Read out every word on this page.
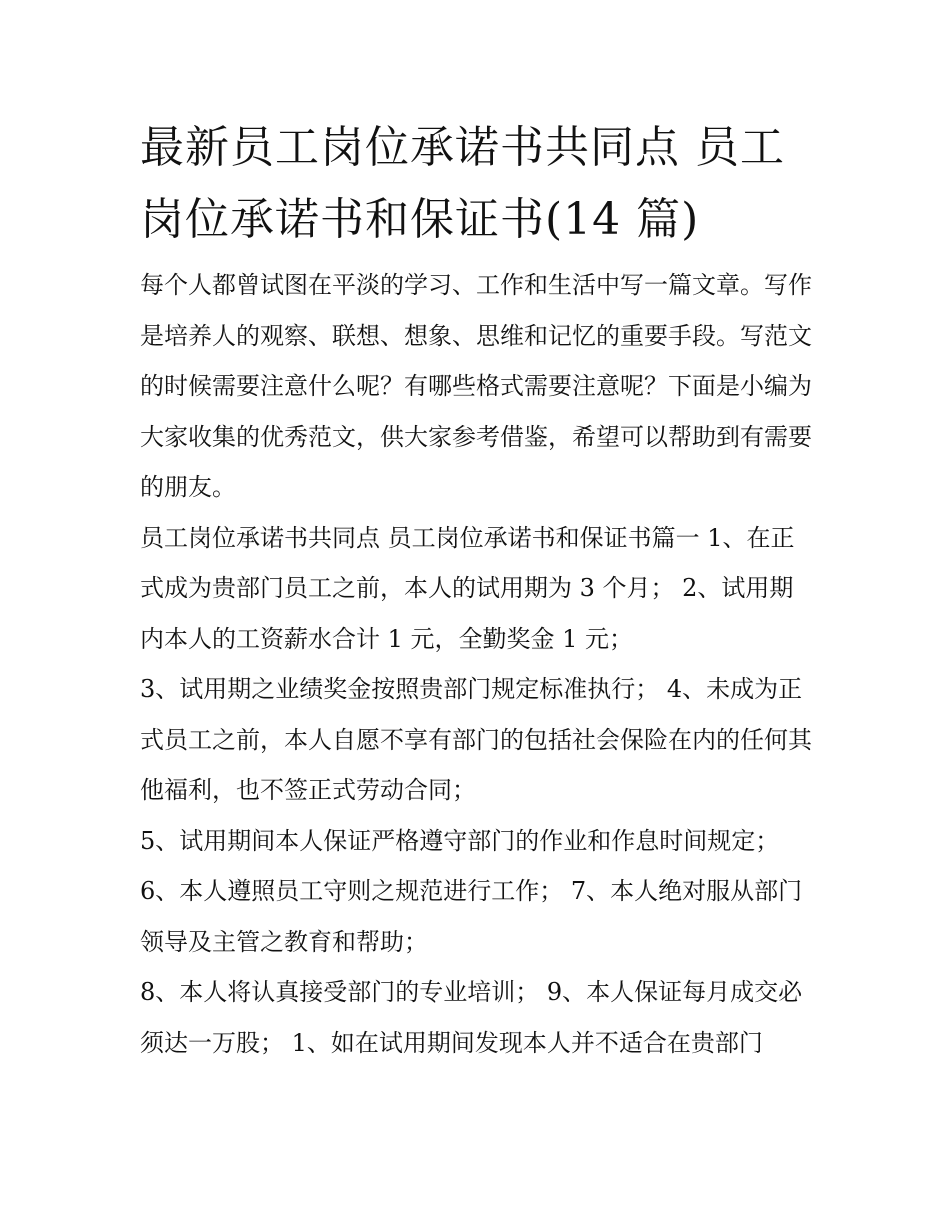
最新员工岗位承诺书共同点 员工岗位承诺书和保证书(14 篇)

每个人都曾试图在平淡的学习、工作和生活中写一篇文章。写作是培养人的观察、联想、想象、思维和记忆的重要手段。写范文的时候需要注意什么呢？有哪些格式需要注意呢？下面是小编为大家收集的优秀范文，供大家参考借鉴，希望可以帮助到有需要的朋友。

员工岗位承诺书共同点 员工岗位承诺书和保证书篇一 1、在正式成为贵部门员工之前，本人的试用期为 3 个月； 2、试用期内本人的工资薪水合计 1 元，全勤奖金 1 元；

3、试用期之业绩奖金按照贵部门规定标准执行； 4、未成为正式员工之前，本人自愿不享有部门的包括社会保险在内的任何其他福利，也不签正式劳动合同；

5、试用期间本人保证严格遵守部门的作业和作息时间规定；

6、本人遵照员工守则之规范进行工作； 7、本人绝对服从部门领导及主管之教育和帮助；

8、本人将认真接受部门的专业培训； 9、本人保证每月成交必须达一万股； 1、如在试用期间发现本人并不适合在贵部门
